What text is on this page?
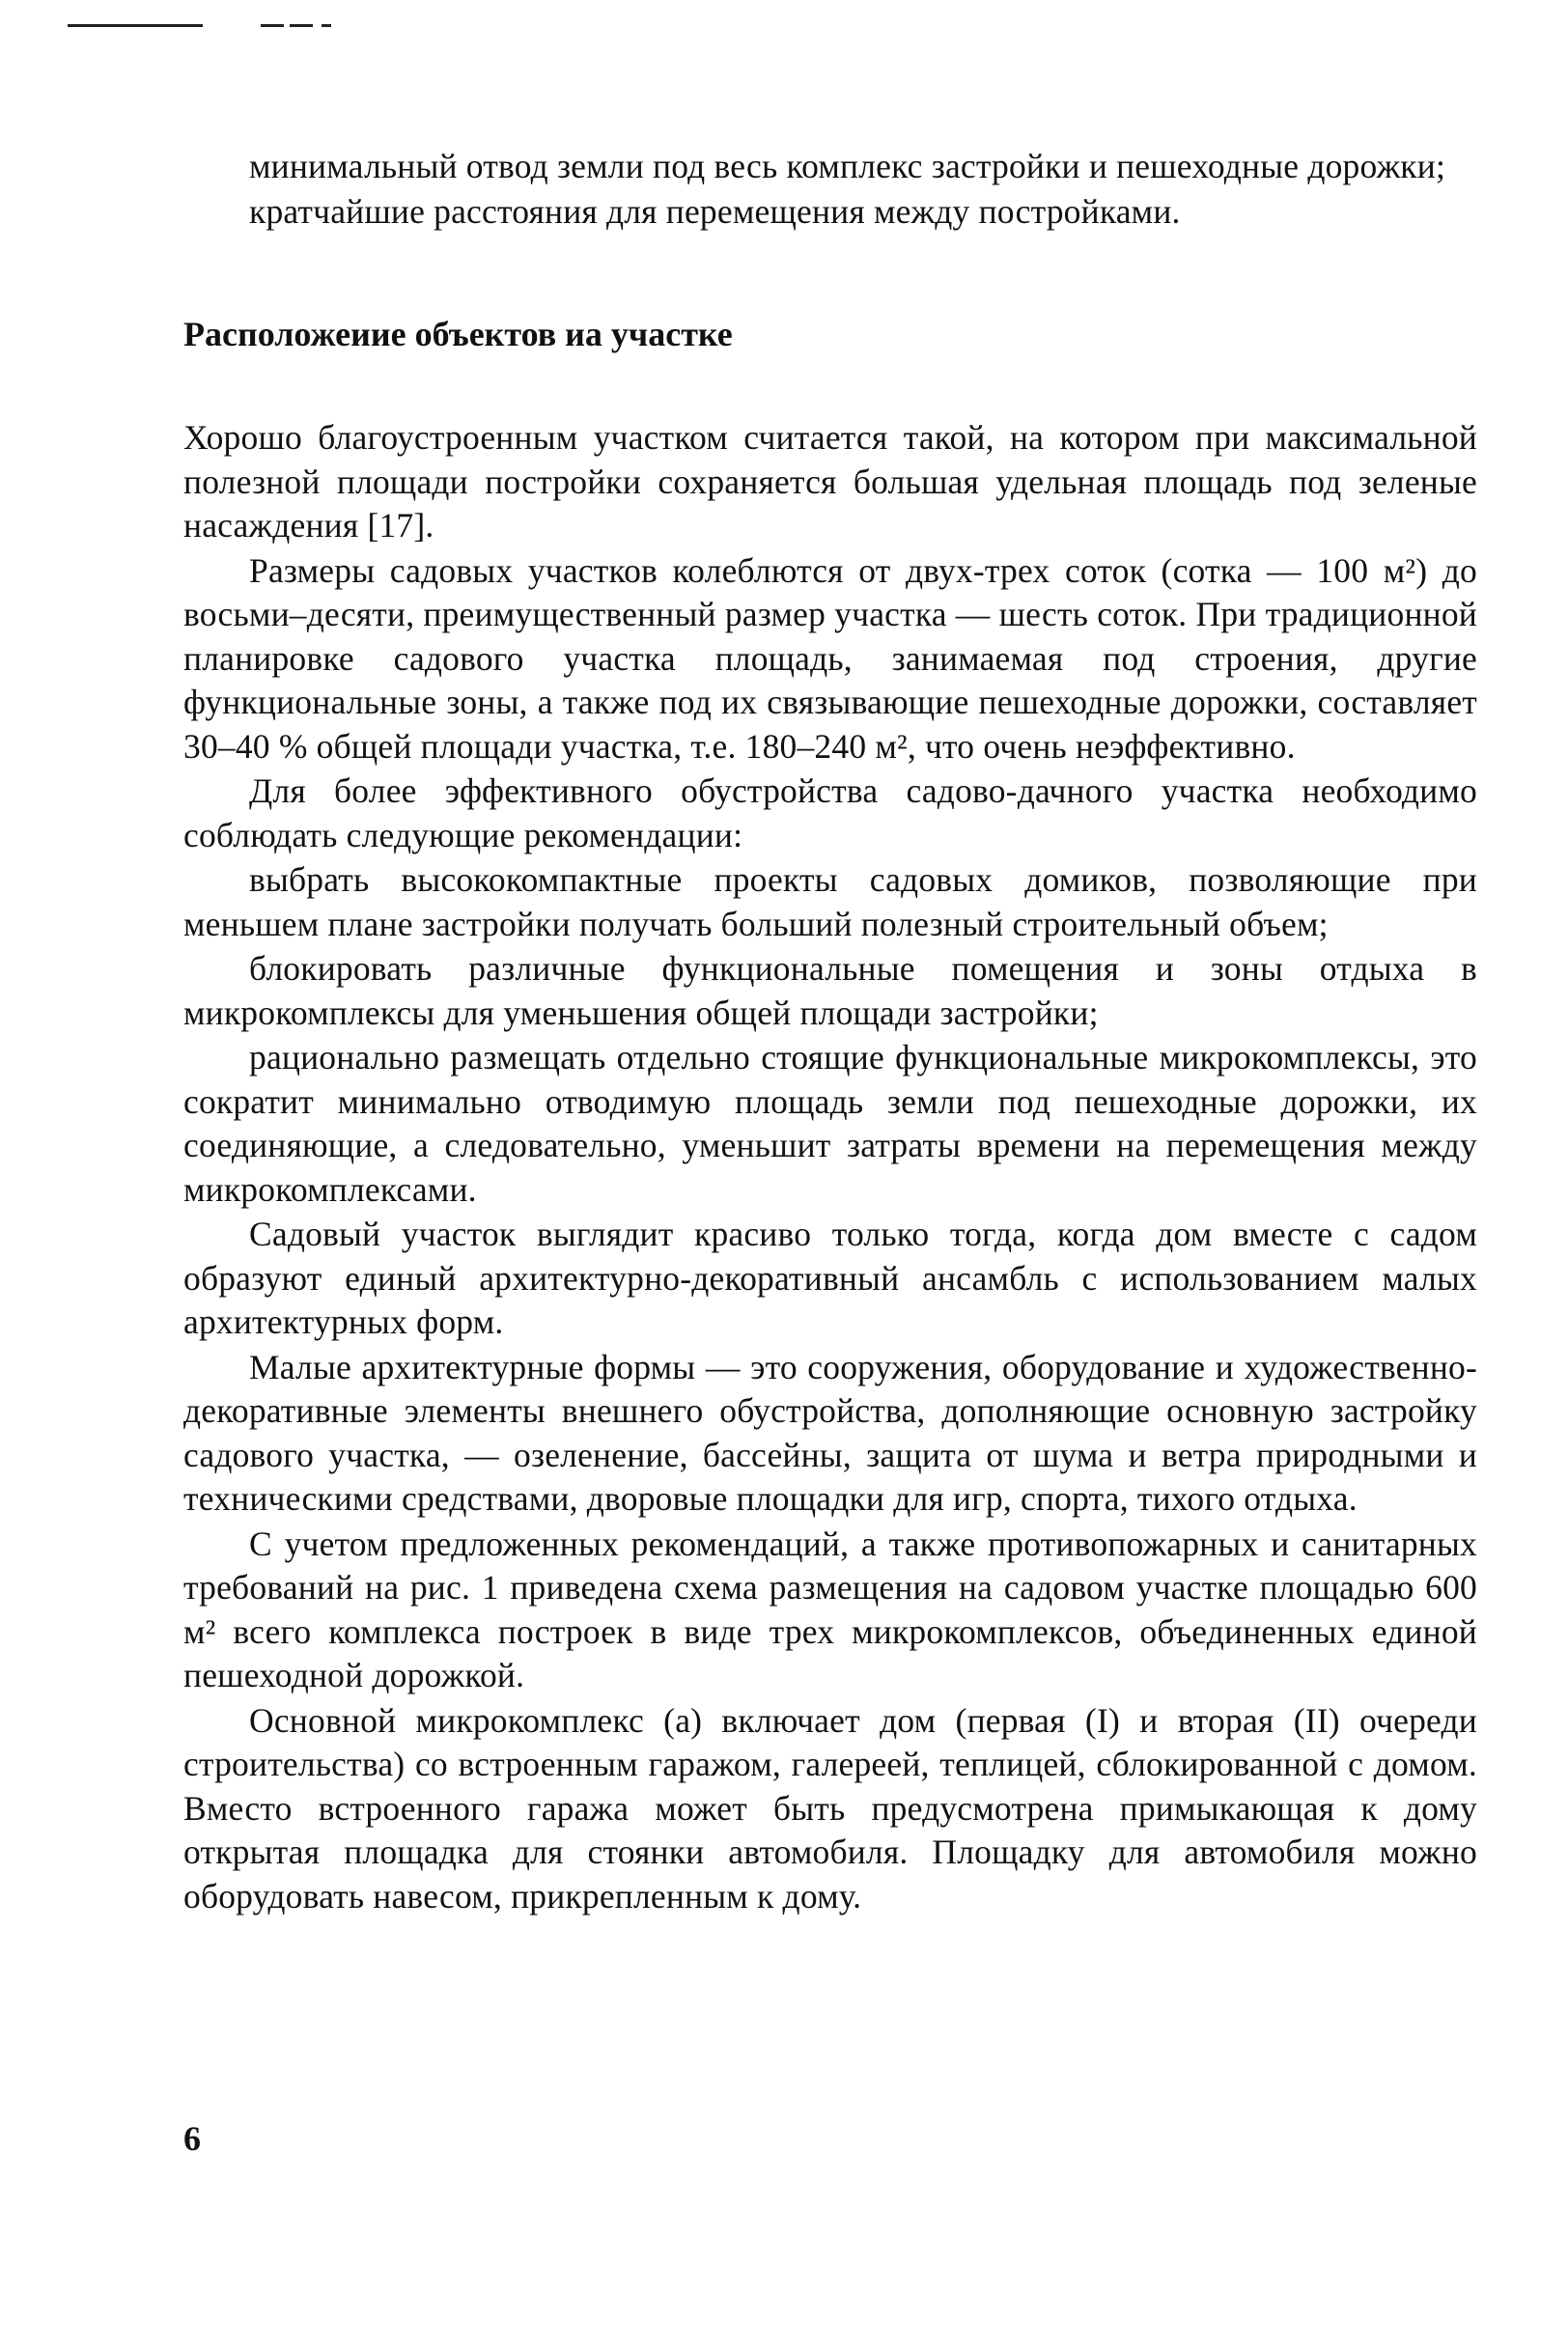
минимальный отвод земли под весь комплекс застройки и пешеходные дорожки;

кратчайшие расстояния для перемещения между постройками.

Расположеиие объектов иа участке

Хорошо благоустроенным участком считается такой, на котором при максимальной полезной площади постройки сохраняется большая удельная площадь под зеленые насаждения [17].

Размеры садовых участков колеблются от двух-трех соток (сотка — 100 м²) до восьми–десяти, преимущественный размер участка — шесть соток. При традиционной планировке садового участка площадь, занимаемая под строения, другие функциональные зоны, а также под их связывающие пешеходные дорожки, составляет 30–40 % общей площади участка, т.е. 180–240 м², что очень неэффективно.

Для более эффективного обустройства садово-дачного участка необходимо соблюдать следующие рекомендации:

выбрать высококомпактные проекты садовых домиков, позволяющие при меньшем плане застройки получать больший полезный строительный объем;

блокировать различные функциональные помещения и зоны отдыха в микрокомплексы для уменьшения общей площади застройки;

рационально размещать отдельно стоящие функциональные микрокомплексы, это сократит минимально отводимую площадь земли под пешеходные дорожки, их соединяющие, а следовательно, уменьшит затраты времени на перемещения между микрокомплексами.

Садовый участок выглядит красиво только тогда, когда дом вместе с садом образуют единый архитектурно-декоративный ансамбль с использованием малых архитектурных форм.

Малые архитектурные формы — это сооружения, оборудование и художественно-декоративные элементы внешнего обустройства, дополняющие основную застройку садового участка, — озеленение, бассейны, защита от шума и ветра природными и техническими средствами, дворовые площадки для игр, спорта, тихого отдыха.

С учетом предложенных рекомендаций, а также противопожарных и санитарных требований на рис. 1 приведена схема размещения на садовом участке площадью 600 м² всего комплекса построек в виде трех микрокомплексов, объединенных единой пешеходной дорожкой.

Основной микрокомплекс (а) включает дом (первая (I) и вторая (II) очереди строительства) со встроенным гаражом, галереей, теплицей, сблокированной с домом. Вместо встроенного гаража может быть предусмотрена примыкающая к дому открытая площадка для стоянки автомобиля. Площадку для автомобиля можно оборудовать навесом, прикрепленным к дому.

6
